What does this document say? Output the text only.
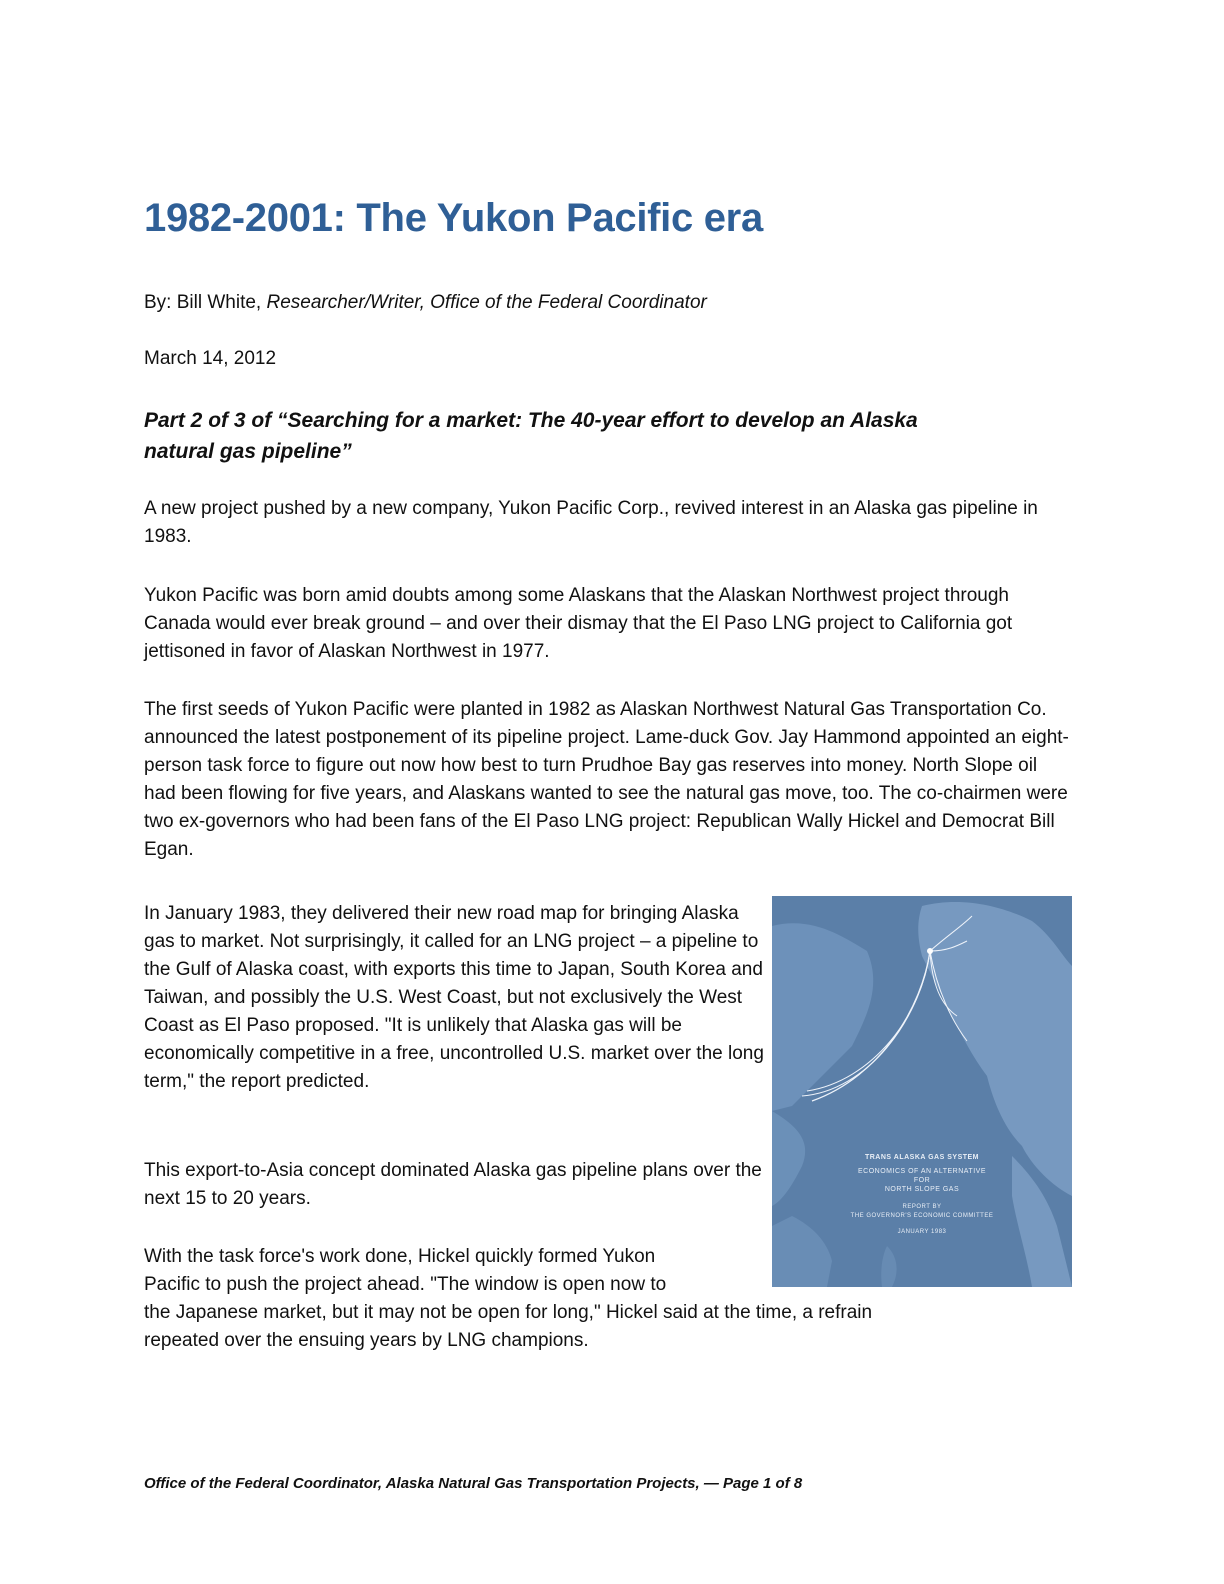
1982-2001: The Yukon Pacific era
By: Bill White, Researcher/Writer, Office of the Federal Coordinator
March 14, 2012
Part 2 of 3 of “Searching for a market: The 40-year effort to develop an Alaska
natural gas pipeline”

A new project pushed by a new company, Yukon Pacific Corp., revived interest in an Alaska gas pipeline in 1983.

Yukon Pacific was born amid doubts among some Alaskans that the Alaskan Northwest project through Canada would ever break ground – and over their dismay that the El Paso LNG project to California got jettisoned in favor of Alaskan Northwest in 1977.

The first seeds of Yukon Pacific were planted in 1982 as Alaskan Northwest Natural Gas Transportation Co. announced the latest postponement of its pipeline project. Lame-duck Gov. Jay Hammond appointed an eight-person task force to figure out now how best to turn Prudhoe Bay gas reserves into money. North Slope oil had been flowing for five years, and Alaskans wanted to see the natural gas move, too. The co-chairmen were two ex-governors who had been fans of the El Paso LNG project: Republican Wally Hickel and Democrat Bill Egan.

In January 1983, they delivered their new road map for bringing Alaska gas to market. Not surprisingly, it called for an LNG project – a pipeline to the Gulf of Alaska coast, with exports this time to Japan, South Korea and Taiwan, and possibly the U.S. West Coast, but not exclusively the West Coast as El Paso proposed. "It is unlikely that Alaska gas will be economically competitive in a free, uncontrolled U.S. market over the long term," the report predicted.

This export-to-Asia concept dominated Alaska gas pipeline plans over the next 15 to 20 years.

With the task force's work done, Hickel quickly formed Yukon
Pacific to push the project ahead. "The window is open now to

the Japanese market, but it may not be open for long," Hickel said at the time, a refrain

repeated over the ensuing years by LNG champions.

TRANS ALASKA GAS SYSTEM
ECONOMICS OF AN ALTERNATIVE
FOR
NORTH SLOPE GAS
REPORT BY
THE GOVERNOR'S ECONOMIC COMMITTEE
JANUARY 1983
Office of the Federal Coordinator, Alaska Natural Gas Transportation Projects, — Page 1 of 8
